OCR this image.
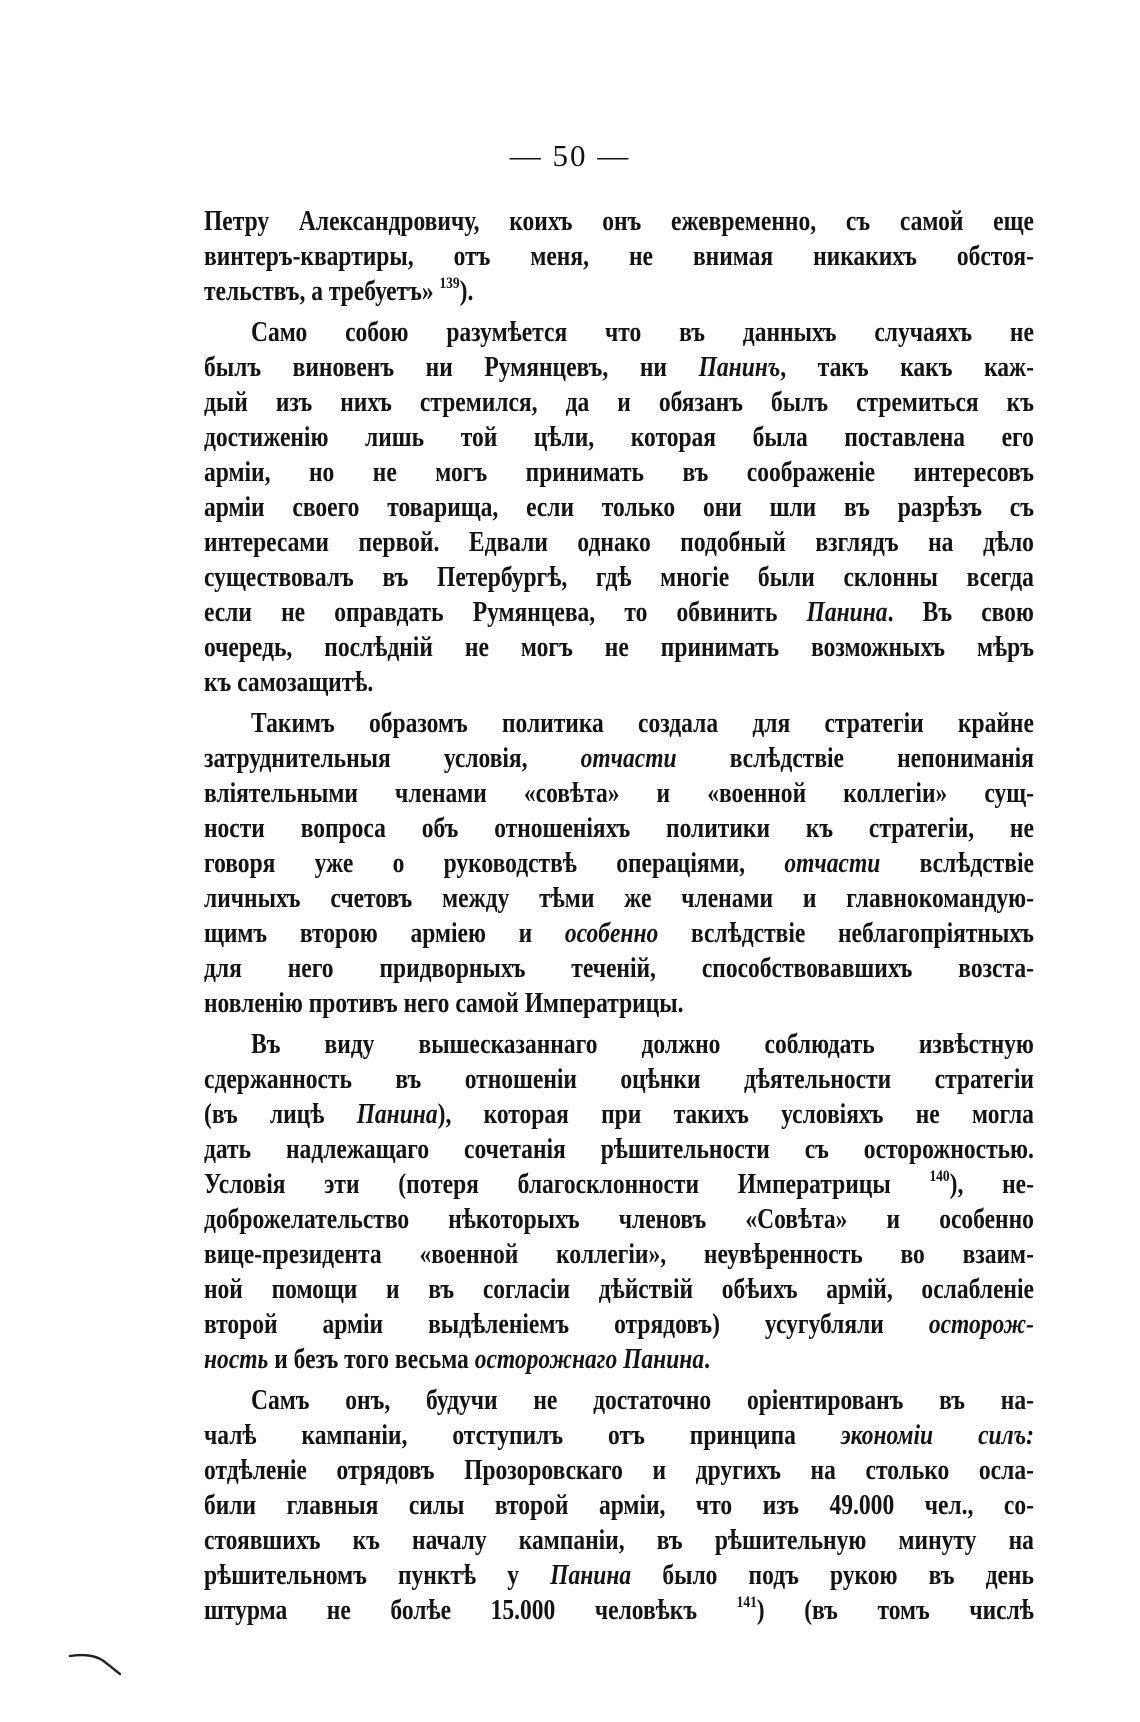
— 50 —
Петру Александровичу, коихъ онъ ежевременно, съ самой еще
винтеръ-квартиры, отъ меня, не внимая никакихъ обстоя-
тельствъ, а требуетъ» $^{139}$).
Само собою разумѣется что въ данныхъ случаяхъ не
былъ виновенъ ни Румянцевъ, ни Панинъ, такъ какъ каж-
дый изъ нихъ стремился, да и обязанъ былъ стремиться къ
достиженію лишь той цѣли, которая была поставлена его
арміи, но не могъ принимать въ соображеніе интересовъ
арміи своего товарища, если только они шли въ разрѣзъ съ
интересами первой. Едвали однако подобный взглядъ на дѣло
существовалъ въ Петербургѣ, гдѣ многіе были склонны всегда
если не оправдать Румянцева, то обвинить Панина. Въ свою
очередь, послѣдній не могъ не принимать возможныхъ мѣръ
къ самозащитѣ.
Такимъ образомъ политика создала для стратегіи крайне
затруднительныя условія, отчасти вслѣдствіе непониманія
вліятельными членами «совѣта» и «военной коллегіи» сущ-
ности вопроса объ отношеніяхъ политики къ стратегіи, не
говоря уже о руководствѣ операціями, отчасти вслѣдствіе
личныхъ счетовъ между тѣми же членами и главнокомандую-
щимъ второю арміею и особенно вслѣдствіе неблагопріятныхъ
для него придворныхъ теченій, способствовавшихъ возста-
новленію противъ него самой Императрицы.
Въ виду вышесказаннаго должно соблюдать извѣстную
сдержанность въ отношеніи оцѣнки дѣятельности стратегіи
(въ лицѣ Панина), которая при такихъ условіяхъ не могла
дать надлежащаго сочетанія рѣшительности съ осторожностью.
Условія эти (потеря благосклонности Императрицы $^{140}$), не-
доброжелательство нѣкоторыхъ членовъ «Совѣта» и особенно
вице-президента «военной коллегіи», неувѣренность во взаим-
ной помощи и въ согласіи дѣйствій обѣихъ армій, ослабленіе
второй арміи выдѣленіемъ отрядовъ) усугубляли осторож-
ность и безъ того весьма осторожнаго Панина.
Самъ онъ, будучи не достаточно оріентированъ въ на-
чалѣ кампаніи, отступилъ отъ принципа экономіи силъ:
отдѣленіе отрядовъ Прозоровскаго и другихъ на столько осла-
били главныя силы второй арміи, что изъ 49.000 чел., со-
стоявшихъ къ началу кампаніи, въ рѣшительную минуту на
рѣшительномъ пунктѣ у Панина было подъ рукою въ день
штурма не болѣе 15.000 человѣкъ $^{141}$) (въ томъ числѣ
